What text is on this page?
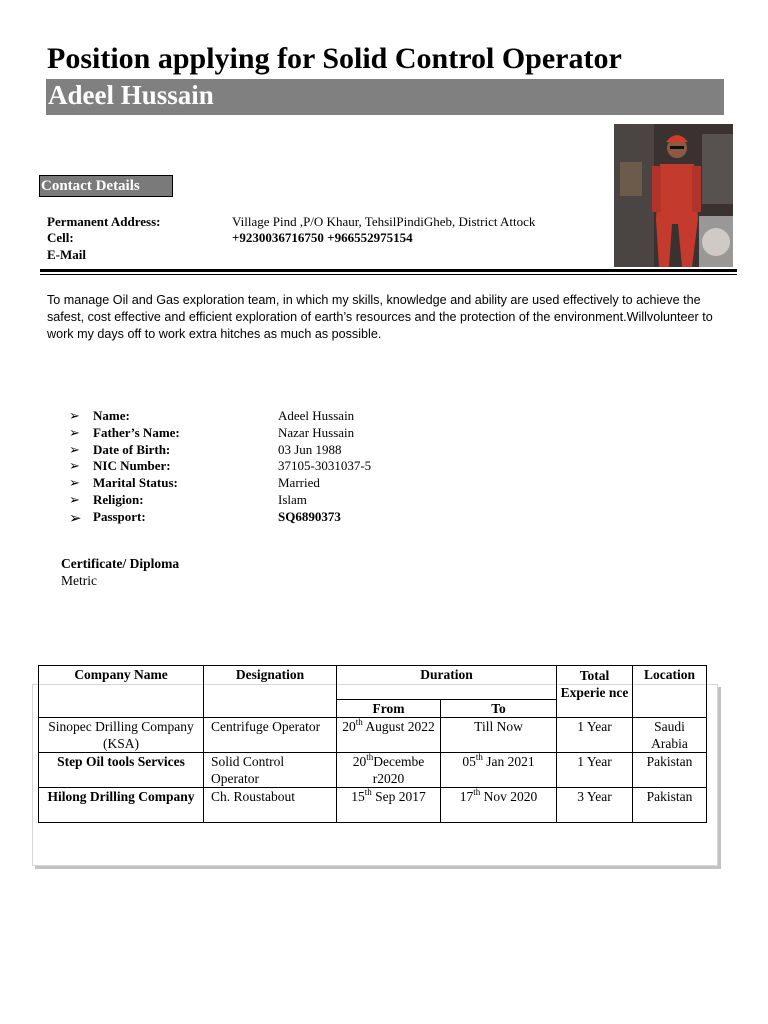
Position applying for Solid Control Operator
Adeel Hussain
Contact Details
Permanent Address:	Village Pind ,P/O Khaur, TehsilPindiGheb, District Attock
Cell:	+9230036716750 +966552975154
E-Mail
To manage Oil and Gas exploration team, in which my skills, knowledge and ability are used effectively to achieve the safest, cost effective and efficient exploration of earth’s resources and the protection of the environment.Willvolunteer to work my days off to work extra hitches as much as possible.
➢ Name:	Adeel Hussain
➢ Father’s Name:	Nazar Hussain
➢ Date of Birth:	03 Jun 1988
➢ NIC Number:	37105-3031037-5
➢ Marital Status:	Married
➢ Religion:	Islam
➢ Passport:	SQ6890373
Certificate/ Diploma
Metric
Company Name	Designation	Duration		Total Experie nce	Location

		From	To		
Sinopec Drilling Company (KSA)	Centrifuge Operator	20th August 2022	Till Now	1 Year	Saudi Arabia
Step Oil tools Services	Solid Control Operator	20thDecembe r2020	05th Jan 2021	1 Year	Pakistan
Hilong Drilling Company	Ch. Roustabout	15th Sep 2017	17th Nov 2020	3 Year	Pakistan
